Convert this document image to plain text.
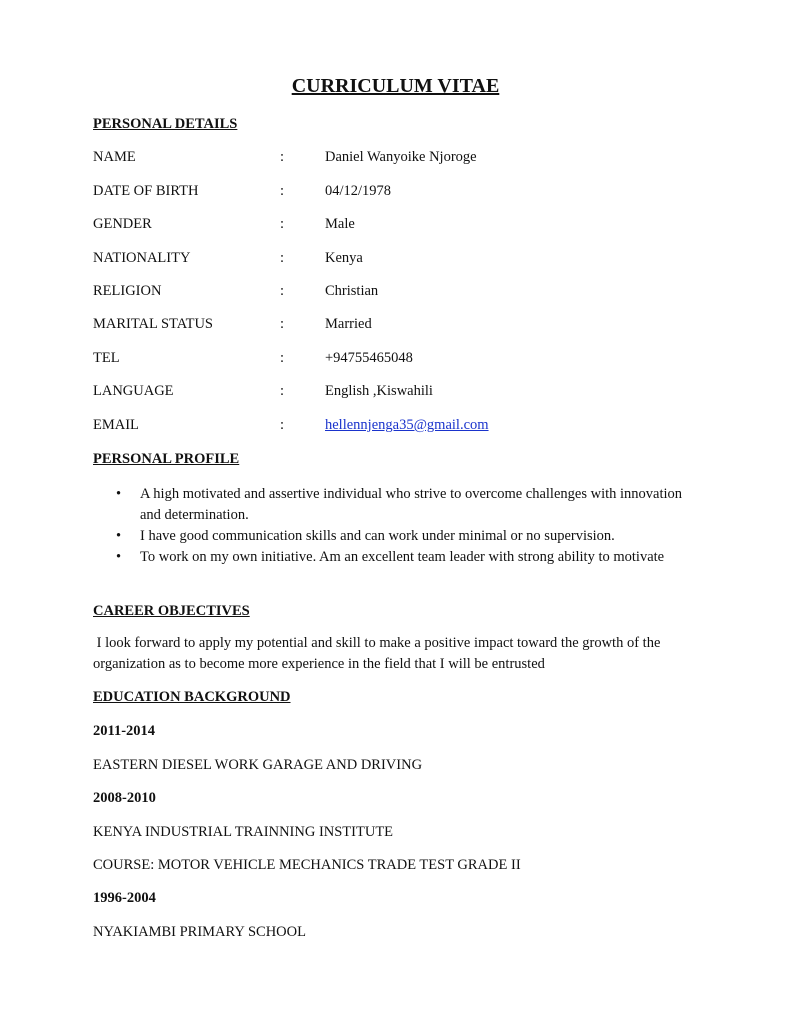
CURRICULUM VITAE
PERSONAL DETAILS
NAME	:	Daniel Wanyoike Njoroge
DATE OF BIRTH	:	04/12/1978
GENDER	:	Male
NATIONALITY	:	Kenya
RELIGION	:	Christian
MARITAL STATUS	:	Married
TEL	:	+94755465048
LANGUAGE	:	English ,Kiswahili
EMAIL	:	hellennjenga35@gmail.com
PERSONAL PROFILE
• A high motivated and assertive individual who strive to overcome challenges with innovation and determination.
• I have good communication skills and can work under minimal or no supervision.
• To work on my own initiative. Am an excellent team leader with strong ability to motivate
CAREER OBJECTIVES
I look forward to apply my potential and skill to make a positive impact toward the growth of the organization as to become more experience in the field that I will be entrusted
EDUCATION BACKGROUND
2011-2014
EASTERN DIESEL WORK GARAGE AND DRIVING
2008-2010
KENYA INDUSTRIAL TRAINNING INSTITUTE
COURSE: MOTOR VEHICLE MECHANICS TRADE TEST GRADE II
1996-2004
NYAKIAMBI PRIMARY SCHOOL
